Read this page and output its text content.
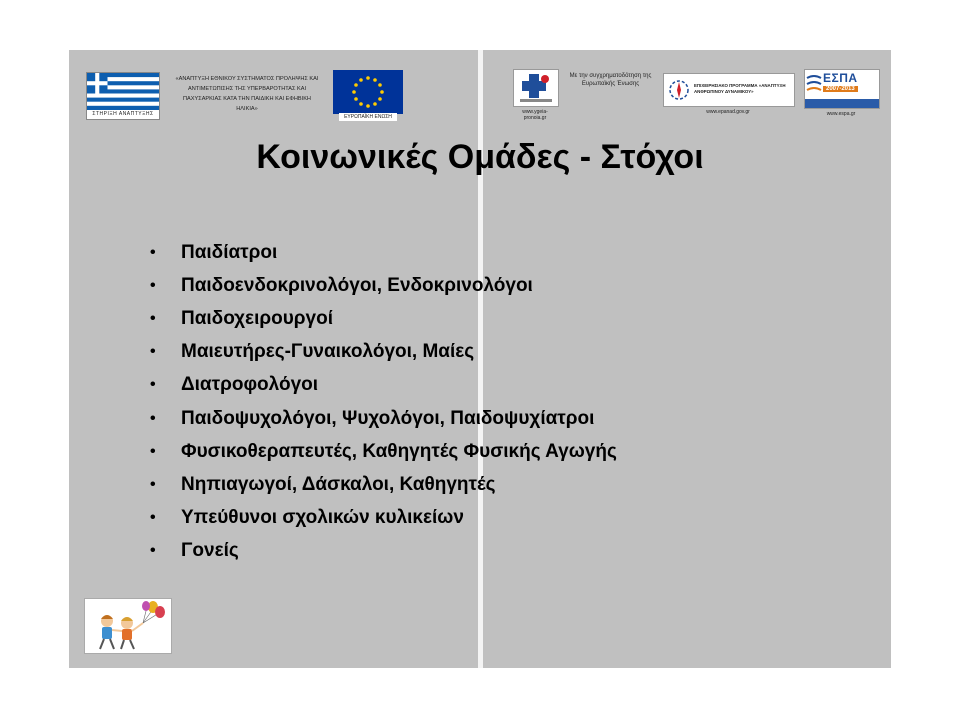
ΣΤΗΡΙΞΗ ΑΝΑΠΤΥΞΗΣ
«ΑΝΑΠΤΥΞΗ ΕΘΝΙΚΟΥ ΣΥΣΤΗΜΑΤΟΣ ΠΡΟΛΗΨΗΣ ΚΑΙ ΑΝΤΙΜΕΤΩΠΙΣΗΣ ΤΗΣ ΥΠΕΡΒΑΡΟΤΗΤΑΣ ΚΑΙ ΠΑΧΥΣΑΡΚΙΑΣ ΚΑΤΑ ΤΗΝ ΠΑΙΔΙΚΗ ΚΑΙ ΕΦΗΒΙΚΗ ΗΛΙΚΙΑ»
ΕΥΡΩΠΑΪΚΗ ΕΝΩΣΗ
www.ygeia-pronoia.gr
Με την συγχρηματοδότηση της Ευρωπαϊκής Ένωσης	ΕΠΙΧΕΙΡΗΣΙΑΚΟ ΠΡΟΓΡΑΜΜΑ «ΑΝΑΠΤΥΞΗ ΑΝΘΡΩΠΙΝΟΥ ΔΥΝΑΜΙΚΟΥ»
www.epanad.gov.gr
ΕΣΠΑ
2007-2013
www.espa.gr
Κοινωνικές Ομάδες - Στόχοι
•	Παιδίατροι
•	Παιδοενδοκρινολόγοι, Ενδοκρινολόγοι
•	Παιδοχειρουργοί
•	Μαιευτήρες-Γυναικολόγοι, Μαίες
•	Διατροφολόγοι
•	Παιδοψυχολόγοι, Ψυχολόγοι, Παιδοψυχίατροι
•	Φυσικοθεραπευτές, Καθηγητές Φυσικής Αγωγής
•	Νηπιαγωγοί, Δάσκαλοι, Καθηγητές
•	Υπεύθυνοι σχολικών κυλικείων
•	Γονείς
